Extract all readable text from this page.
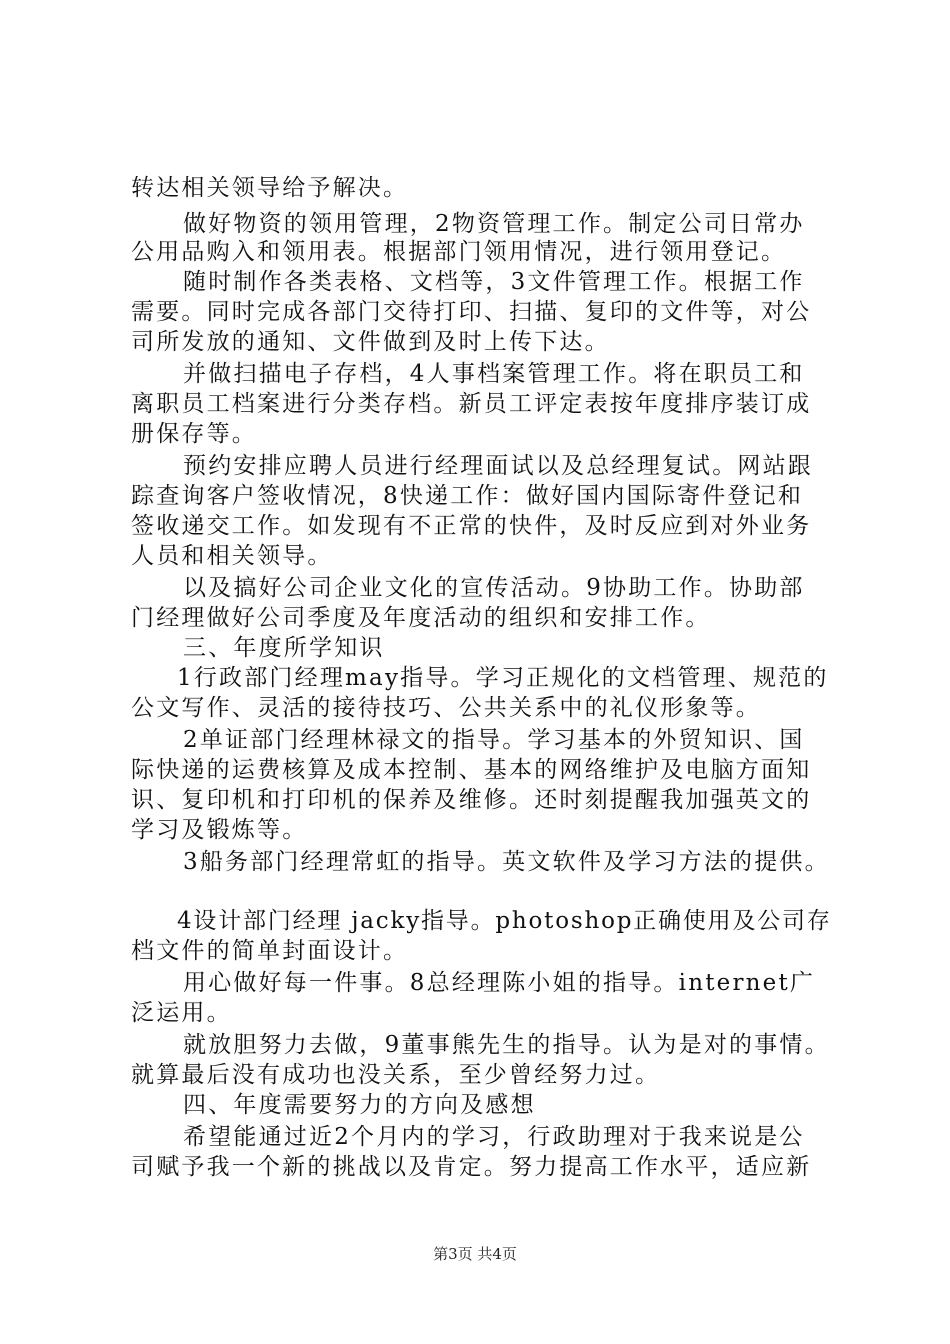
转达相关领导给予解决。
做好物资的领用管理，2物资管理工作。制定公司日常办
公用品购入和领用表。根据部门领用情况，进行领用登记。
随时制作各类表格、文档等，3文件管理工作。根据工作
需要。同时完成各部门交待打印、扫描、复印的文件等，对公
司所发放的通知、文件做到及时上传下达。
并做扫描电子存档，4人事档案管理工作。将在职员工和
离职员工档案进行分类存档。新员工评定表按年度排序装订成
册保存等。
预约安排应聘人员进行经理面试以及总经理复试。网站跟
踪查询客户签收情况，8快递工作：做好国内国际寄件登记和
签收递交工作。如发现有不正常的快件，及时反应到对外业务
人员和相关领导。
以及搞好公司企业文化的宣传活动。9协助工作。协助部
门经理做好公司季度及年度活动的组织和安排工作。
三、年度所学知识
1行政部门经理may指导。学习正规化的文档管理、规范的
公文写作、灵活的接待技巧、公共关系中的礼仪形象等。
2单证部门经理林禄文的指导。学习基本的外贸知识、国
际快递的运费核算及成本控制、基本的网络维护及电脑方面知
识、复印机和打印机的保养及维修。还时刻提醒我加强英文的
学习及锻炼等。
3船务部门经理常虹的指导。英文软件及学习方法的提供。
4设计部门经理 jacky指导。photoshop正确使用及公司存
档文件的简单封面设计。
用心做好每一件事。8总经理陈小姐的指导。internet广
泛运用。
就放胆努力去做，9董事熊先生的指导。认为是对的事情。
就算最后没有成功也没关系，至少曾经努力过。
四、年度需要努力的方向及感想
希望能通过近2个月内的学习，行政助理对于我来说是公
司赋予我一个新的挑战以及肯定。努力提高工作水平，适应新
第3页 共4页
